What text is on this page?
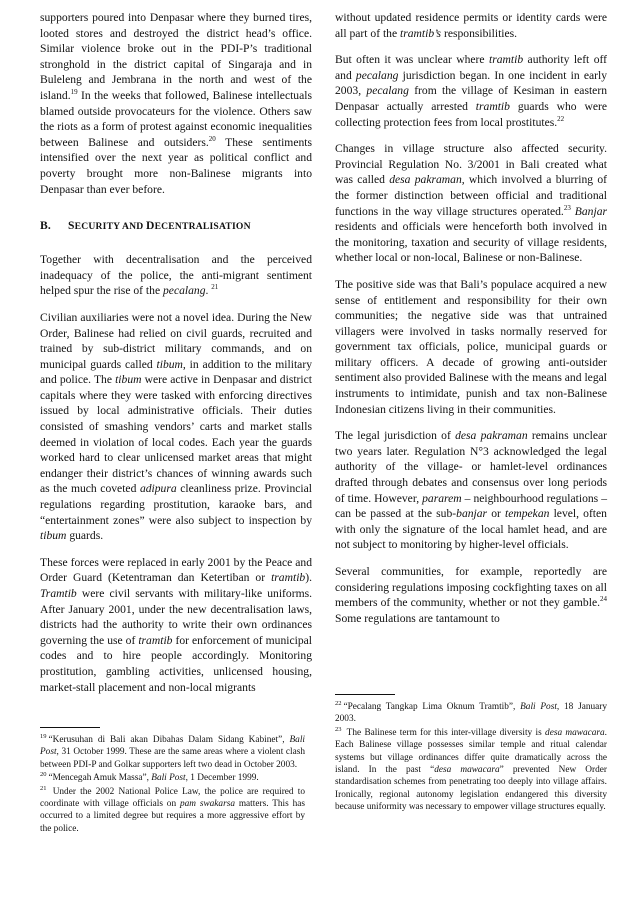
supporters poured into Denpasar where they burned tires, looted stores and destroyed the district head’s office. Similar violence broke out in the PDI-P’s traditional stronghold in the district capital of Singaraja and in Buleleng and Jembrana in the north and west of the island.$^{19}$ In the weeks that followed, Balinese intellectuals blamed outside provocateurs for the violence. Others saw the riots as a form of protest against economic inequalities between Balinese and outsiders.$^{20}$ These sentiments intensified over the next year as political conflict and poverty brought more non-Balinese migrants into Denpasar than ever before.

B. SECURITY AND DECENTRALISATION

Together with decentralisation and the perceived inadequacy of the police, the anti-migrant sentiment helped spur the rise of the pecalang. $^{21}$

Civilian auxiliaries were not a novel idea. During the New Order, Balinese had relied on civil guards, recruited and trained by sub-district military commands, and on municipal guards called tibum, in addition to the military and police. The tibum were active in Denpasar and district capitals where they were tasked with enforcing directives issued by local administrative officials. Their duties consisted of smashing vendors’ carts and market stalls deemed in violation of local codes. Each year the guards worked hard to clear unlicensed market areas that might endanger their district’s chances of winning awards such as the much coveted adipura cleanliness prize. Provincial regulations regarding prostitution, karaoke bars, and “entertainment zones” were also subject to inspection by tibum guards.

These forces were replaced in early 2001 by the Peace and Order Guard (Ketentraman dan Ketertiban or tramtib). Tramtib were civil servants with military-like uniforms. After January 2001, under the new decentralisation laws, districts had the authority to write their own ordinances governing the use of tramtib for enforcement of municipal codes and to hire people accordingly. Monitoring prostitution, gambling activities, unlicensed housing, market-stall placement and non-local migrants

without updated residence permits or identity cards were all part of the tramtib’s responsibilities.

But often it was unclear where tramtib authority left off and pecalang jurisdiction began. In one incident in early 2003, pecalang from the village of Kesiman in eastern Denpasar actually arrested tramtib guards who were collecting protection fees from local prostitutes.$^{22}$

Changes in village structure also affected security. Provincial Regulation No. 3/2001 in Bali created what was called desa pakraman, which involved a blurring of the former distinction between official and traditional functions in the way village structures operated.$^{23}$ Banjar residents and officials were henceforth both involved in the monitoring, taxation and security of village residents, whether local or non-local, Balinese or non-Balinese.

The positive side was that Bali’s populace acquired a new sense of entitlement and responsibility for their own communities; the negative side was that untrained villagers were involved in tasks normally reserved for government tax officials, police, municipal guards or military officers. A decade of growing anti-outsider sentiment also provided Balinese with the means and legal instruments to intimidate, punish and tax non-Balinese Indonesian citizens living in their communities.

The legal jurisdiction of desa pakraman remains unclear two years later. Regulation N°3 acknowledged the legal authority of the village- or hamlet-level ordinances drafted through debates and consensus over long periods of time. However, pararem – neighbourhood regulations – can be passed at the sub-banjar or tempekan level, often with only the signature of the local hamlet head, and are not subject to monitoring by higher-level officials.

Several communities, for example, reportedly are considering regulations imposing cockfighting taxes on all members of the community, whether or not they gamble.$^{24}$ Some regulations are tantamount to

$^{19}$ “Kerusuhan di Bali akan Dibahas Dalam Sidang Kabinet”, Bali Post, 31 October 1999. These are the same areas where a violent clash between PDI-P and Golkar supporters left two dead in October 2003.
$^{20}$ “Mencegah Amuk Massa”, Bali Post, 1 December 1999.
$^{21}$ Under the 2002 National Police Law, the police are required to coordinate with village officials on pam swakarsa matters. This has occurred to a limited degree but requires a more aggressive effort by the police.
$^{22}$ “Pecalang Tangkap Lima Oknum Tramtib”, Bali Post, 18 January 2003.
$^{23}$ The Balinese term for this inter-village diversity is desa mawacara. Each Balinese village possesses similar temple and ritual calendar systems but village ordinances differ quite dramatically across the island. In the past “desa mawacara” prevented New Order standardisation schemes from penetrating too deeply into village affairs. Ironically, regional autonomy legislation endangered this diversity because uniformity was necessary to empower village structures equally.
